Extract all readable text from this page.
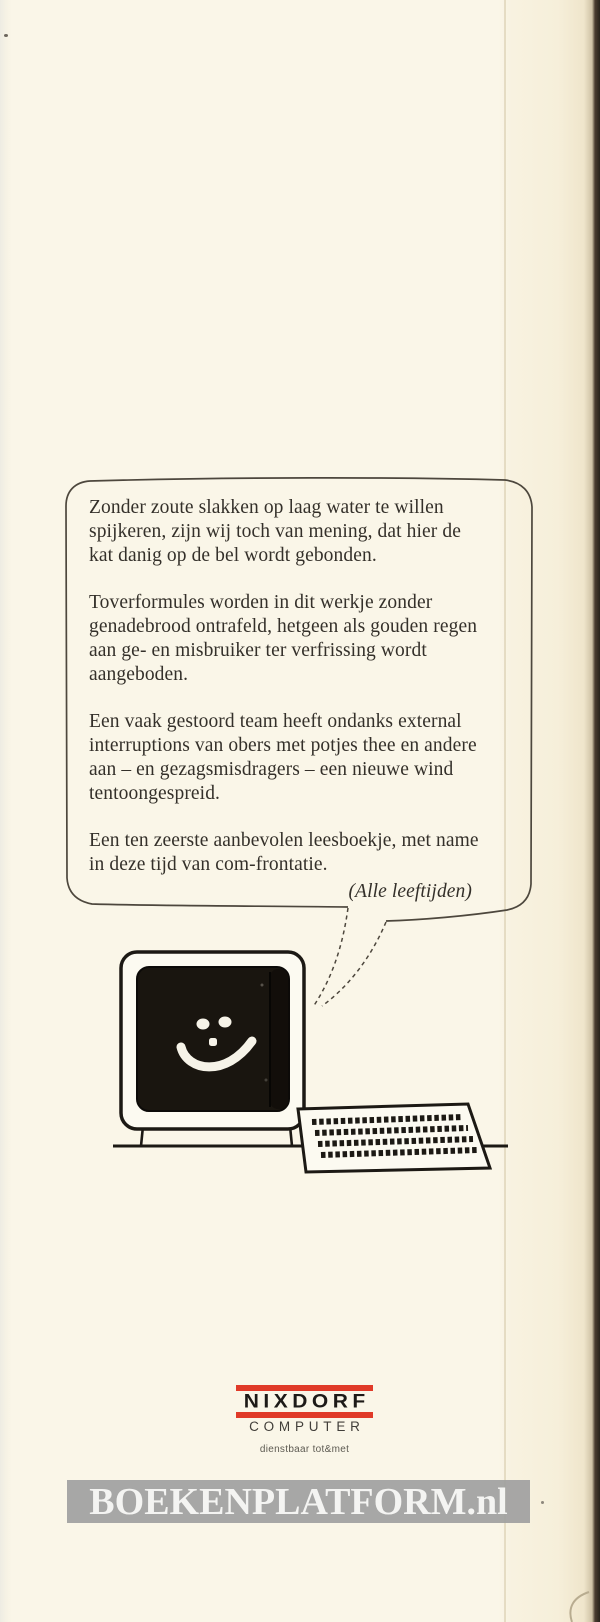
Zonder zoute slakken op laag water te willen spijkeren, zijn wij toch van mening, dat hier de kat danig op de bel wordt gebonden.

Toverformules worden in dit werkje zonder genadebrood ontrafeld, hetgeen als gouden regen aan ge- en misbruiker ter verfrissing wordt aangeboden.

Een vaak gestoord team heeft ondanks external interruptions van obers met potjes thee en andere aan – en gezagsmisdragers – een nieuwe wind tentoongespreid.

Een ten zeerste aanbevolen leesboekje, met name in deze tijd van com-frontatie.

(Alle leeftijden)

NIXDORF
COMPUTER
dienstbaar tot&met
BOEKENPLATFORM.nl
